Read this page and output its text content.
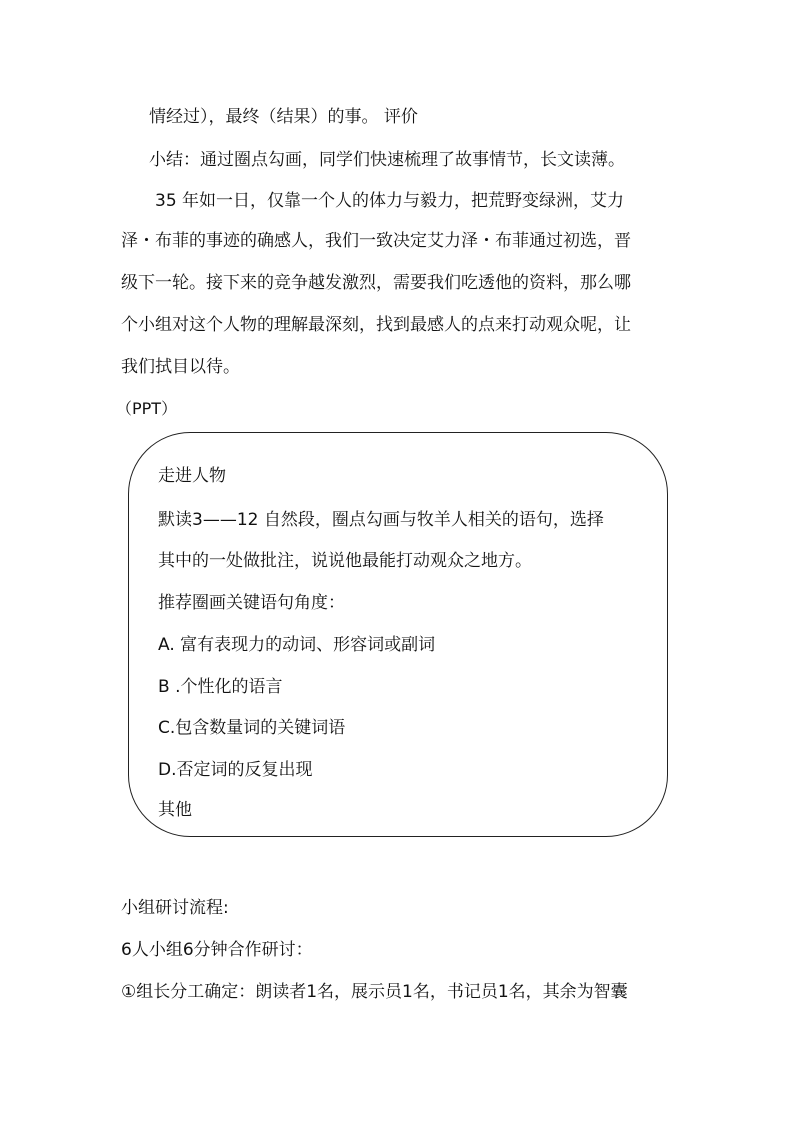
情经过），最终（结果）的事。 评价
小结：通过圈点勾画，同学们快速梳理了故事情节，长文读薄。
35 年如一日，仅靠一个人的体力与毅力，把荒野变绿洲，艾力
泽・布菲的事迹的确感人，我们一致决定艾力泽・布菲通过初选，晋
级下一轮。接下来的竞争越发激烈，需要我们吃透他的资料，那么哪
个小组对这个人物的理解最深刻，找到最感人的点来打动观众呢，让
我们拭目以待。
（PPT）
走进人物
默读3——12 自然段，圈点勾画与牧羊人相关的语句，选择
其中的一处做批注，说说他最能打动观众之地方。
推荐圈画关键语句角度：
A. 富有表现力的动词、形容词或副词
B .个性化的语言
C.包含数量词的关键词语
D.否定词的反复出现
其他
小组研讨流程:
6人小组6分钟合作研讨：
①组长分工确定：朗读者1名，展示员1名，书记员1名，其余为智囊
